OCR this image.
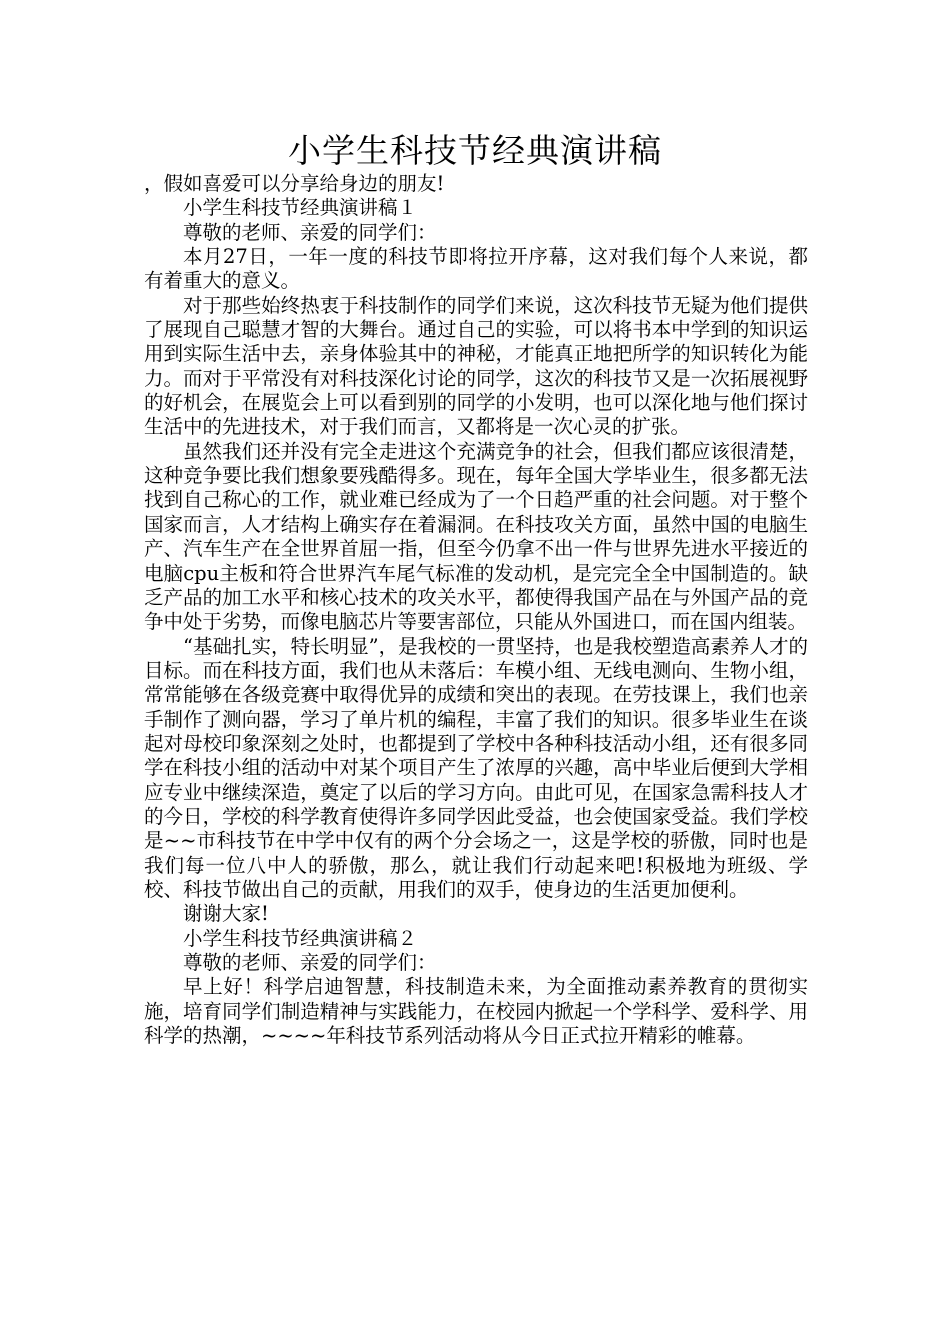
小学生科技节经典演讲稿

，假如喜爱可以分享给身边的朋友!

小学生科技节经典演讲稿１

尊敬的老师、亲爱的同学们：

本月27日，一年一度的科技节即将拉开序幕，这对我们每个人来说，都有着重大的意义。

对于那些始终热衷于科技制作的同学们来说，这次科技节无疑为他们提供了展现自己聪慧才智的大舞台。通过自己的实验，可以将书本中学到的知识运用到实际生活中去，亲身体验其中的神秘，才能真正地把所学的知识转化为能力。而对于平常没有对科技深化讨论的同学，这次的科技节又是一次拓展视野的好机会，在展览会上可以看到别的同学的小发明，也可以深化地与他们探讨生活中的先进技术，对于我们而言，又都将是一次心灵的扩张。

虽然我们还并没有完全走进这个充满竞争的社会，但我们都应该很清楚，这种竞争要比我们想象要残酷得多。现在，每年全国大学毕业生，很多都无法找到自己称心的工作，就业难已经成为了一个日趋严重的社会问题。对于整个国家而言，人才结构上确实存在着漏洞。在科技攻关方面，虽然中国的电脑生产、汽车生产在全世界首屈一指，但至今仍拿不出一件与世界先进水平接近的电脑cpu主板和符合世界汽车尾气标准的发动机，是完完全全中国制造的。缺乏产品的加工水平和核心技术的攻关水平，都使得我国产品在与外国产品的竞争中处于劣势，而像电脑芯片等要害部位，只能从外国进口，而在国内组装。

“基础扎实，特长明显”，是我校的一贯坚持，也是我校塑造高素养人才的目标。而在科技方面，我们也从未落后：车模小组、无线电测向、生物小组，常常能够在各级竞赛中取得优异的成绩和突出的表现。在劳技课上，我们也亲手制作了测向器，学习了单片机的编程，丰富了我们的知识。很多毕业生在谈起对母校印象深刻之处时，也都提到了学校中各种科技活动小组，还有很多同学在科技小组的活动中对某个项目产生了浓厚的兴趣，高中毕业后便到大学相应专业中继续深造，奠定了以后的学习方向。由此可见，在国家急需科技人才的今日，学校的科学教育使得许多同学因此受益，也会使国家受益。我们学校是~~市科技节在中学中仅有的两个分会场之一，这是学校的骄傲，同时也是我们每一位八中人的骄傲，那么，就让我们行动起来吧!积极地为班级、学校、科技节做出自己的贡献，用我们的双手，使身边的生活更加便利。

谢谢大家!

小学生科技节经典演讲稿２

尊敬的老师、亲爱的同学们：

早上好！科学启迪智慧，科技制造未来，为全面推动素养教育的贯彻实施，培育同学们制造精神与实践能力，在校园内掀起一个学科学、爱科学、用科学的热潮，~~~~年科技节系列活动将从今日正式拉开精彩的帷幕。
